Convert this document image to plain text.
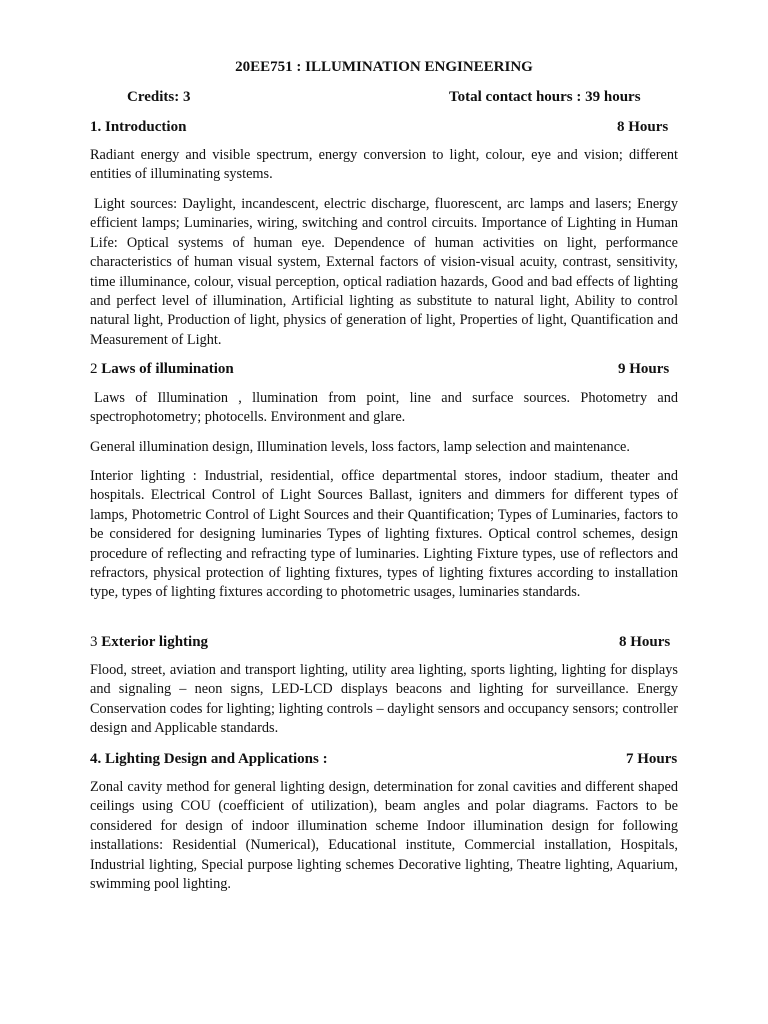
20EE751 : ILLUMINATION ENGINEERING
Credits: 3	Total contact hours : 39 hours
1. Introduction	8 Hours

Radiant energy and visible spectrum, energy conversion to light, colour, eye and vision; different entities of illuminating systems.

Light sources: Daylight, incandescent, electric discharge, fluorescent, arc lamps and lasers; Energy efficient lamps; Luminaries, wiring, switching and control circuits. Importance of Lighting in Human Life: Optical systems of human eye. Dependence of human activities on light, performance characteristics of human visual system, External factors of vision-visual acuity, contrast, sensitivity, time illuminance, colour, visual perception, optical radiation hazards, Good and bad effects of lighting and perfect level of illumination, Artificial lighting as substitute to natural light, Ability to control natural light, Production of light, physics of generation of light, Properties of light, Quantification and Measurement of Light.

2 Laws of illumination	9 Hours

Laws of Illumination , llumination from point, line and surface sources. Photometry and spectrophotometry; photocells. Environment and glare.

General illumination design, Illumination levels, loss factors, lamp selection and maintenance.

Interior lighting : Industrial, residential, office departmental stores, indoor stadium, theater and hospitals. Electrical Control of Light Sources Ballast, igniters and dimmers for different types of lamps, Photometric Control of Light Sources and their Quantification; Types of Luminaries, factors to be considered for designing luminaries Types of lighting fixtures. Optical control schemes, design procedure of reflecting and refracting type of luminaries. Lighting Fixture types, use of reflectors and refractors, physical protection of lighting fixtures, types of lighting fixtures according to installation type, types of lighting fixtures according to photometric usages, luminaries standards.

3 Exterior lighting	8 Hours

Flood, street, aviation and transport lighting, utility area lighting, sports lighting, lighting for displays and signaling – neon signs, LED-LCD displays beacons and lighting for surveillance. Energy Conservation codes for lighting; lighting controls – daylight sensors and occupancy sensors; controller design and Applicable standards.

4. Lighting Design and Applications :	7 Hours

Zonal cavity method for general lighting design, determination for zonal cavities and different shaped ceilings using COU (coefficient of utilization), beam angles and polar diagrams. Factors to be considered for design of indoor illumination scheme Indoor illumination design for following installations: Residential (Numerical), Educational institute, Commercial installation, Hospitals, Industrial lighting, Special purpose lighting schemes Decorative lighting, Theatre lighting, Aquarium, swimming pool lighting.
